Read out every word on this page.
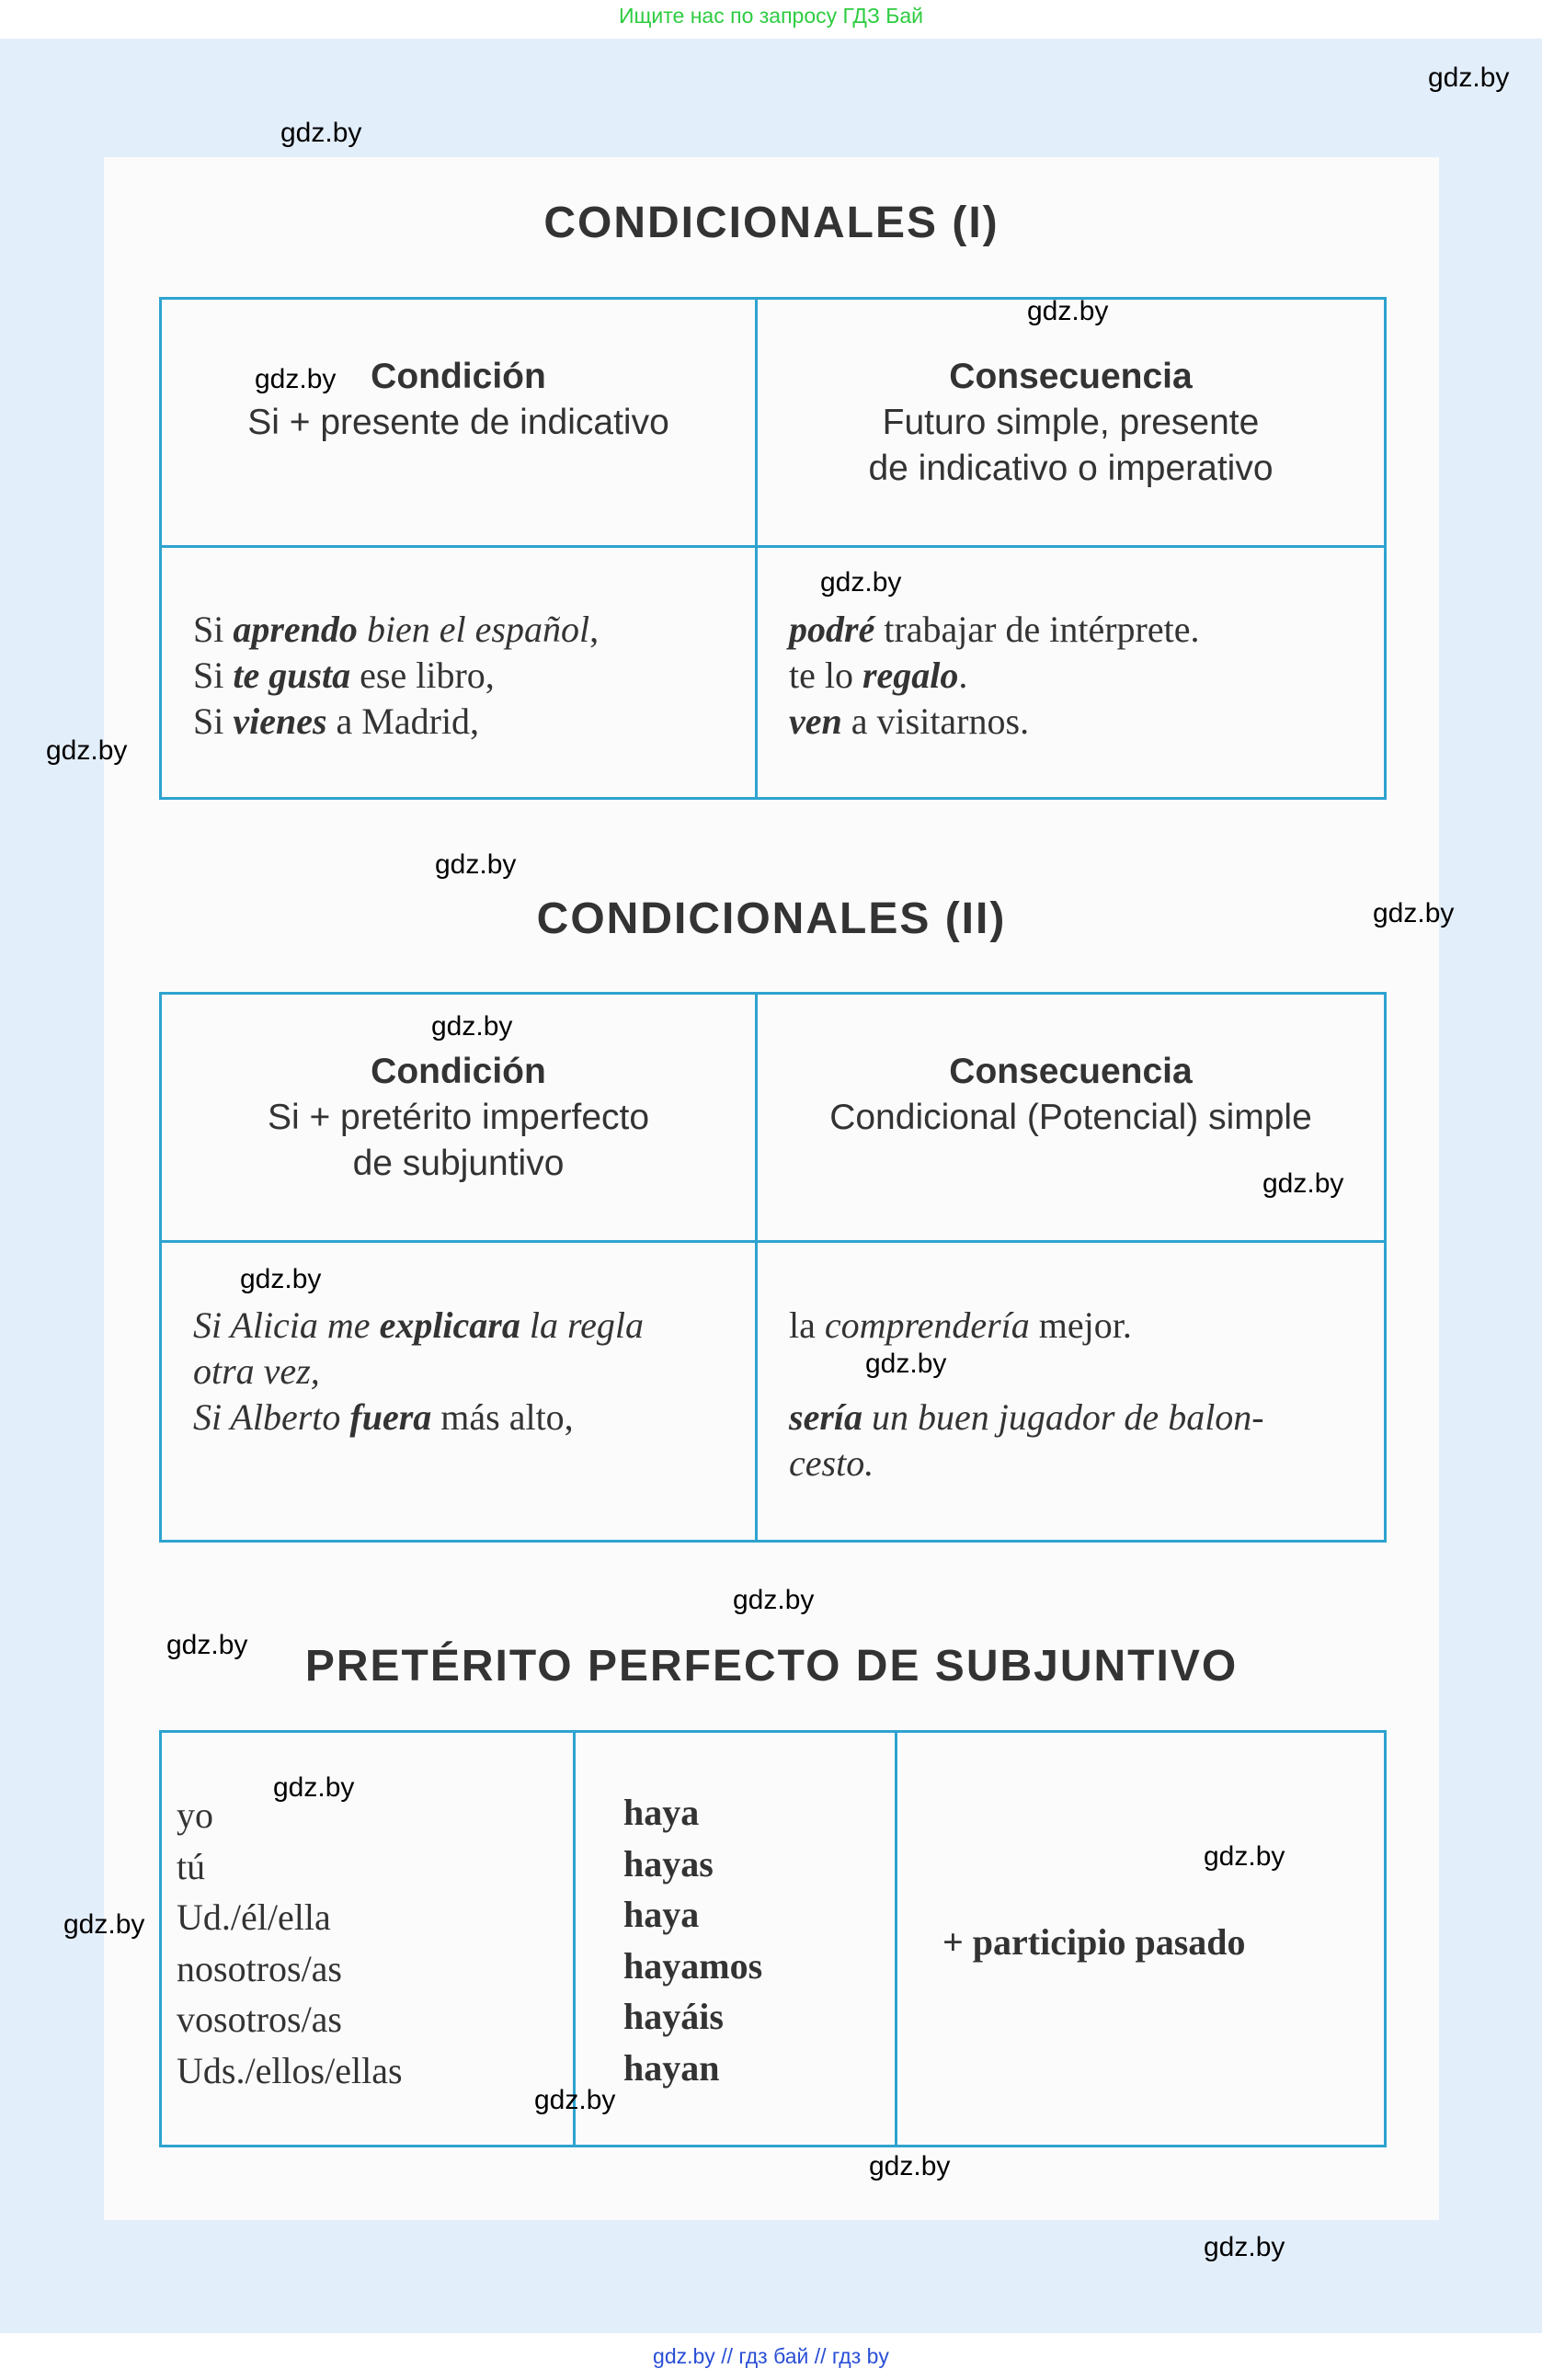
Ищите нас по запросу ГДЗ Бай
CONDICIONALES (I)
Condición
Si + presente de indicativo
Consecuencia
Futuro simple, presente
de indicativo o imperativo
Si aprendo bien el español,
Si te gusta ese libro,
Si vienes a Madrid,
podré trabajar de intérprete.
te lo regalo.
ven a visitarnos.
CONDICIONALES (II)
Condición
Si + pretérito imperfecto
de subjuntivo
Consecuencia
Condicional (Potencial) simple
Si Alicia me explicara la regla
otra vez,
Si Alberto fuera más alto,
la comprendería mejor.
sería un buen jugador de balon-
cesto.
PRETÉRITO PERFECTO DE SUBJUNTIVO
yo
tú
Ud./él/ella
nosotros/as
vosotros/as
Uds./ellos/ellas
haya
hayas
haya
hayamos
hayáis
hayan
+ participio pasado
gdz.by
gdz.by
gdz.by
gdz.by
gdz.by
gdz.by
gdz.by
gdz.by
gdz.by
gdz.by
gdz.by
gdz.by
gdz.by
gdz.by
gdz.by
gdz.by
gdz.by
gdz.by
gdz.by
gdz.by
gdz.by // гдз бай // гдз by
